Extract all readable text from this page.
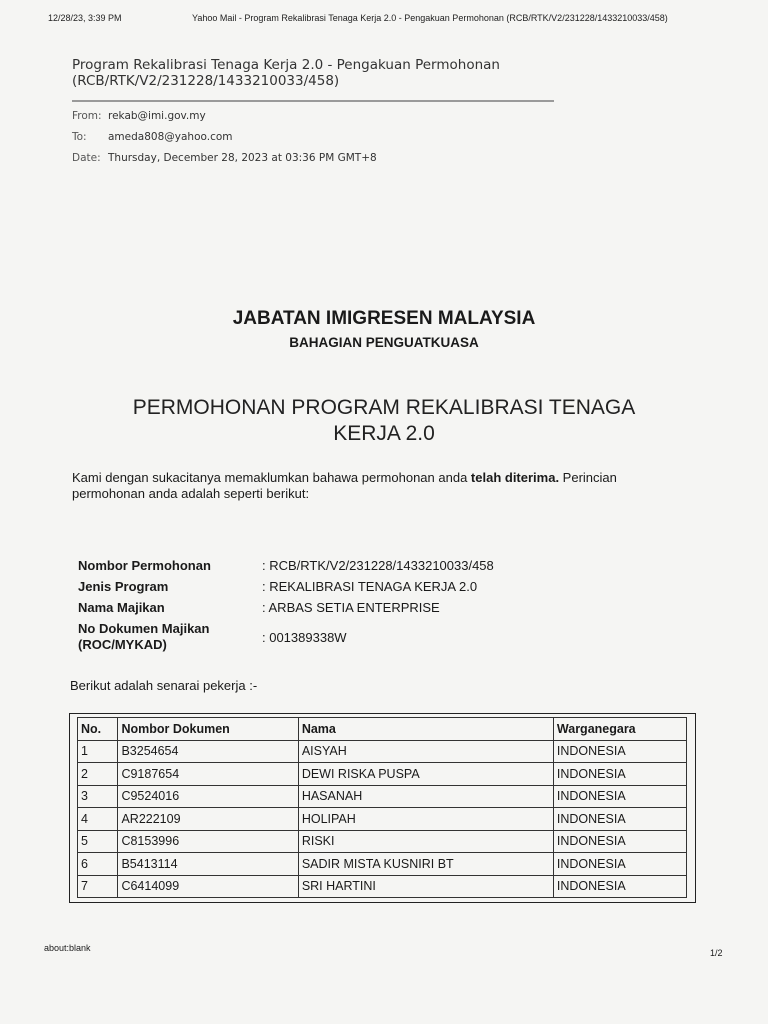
12/28/23, 3:39 PM	Yahoo Mail - Program Rekalibrasi Tenaga Kerja 2.0 - Pengakuan Permohonan (RCB/RTK/V2/231228/1433210033/458)
Program Rekalibrasi Tenaga Kerja 2.0 - Pengakuan Permohonan
(RCB/RTK/V2/231228/1433210033/458)
From: rekab@imi.gov.my
To: ameda808@yahoo.com
Date: Thursday, December 28, 2023 at 03:36 PM GMT+8
JABATAN IMIGRESEN MALAYSIA
BAHAGIAN PENGUATKUASA
PERMOHONAN PROGRAM REKALIBRASI TENAGA
KERJA 2.0
Kami dengan sukacitanya memaklumkan bahawa permohonan anda telah diterima. Perincian permohonan anda adalah seperti berikut:
Nombor Permohonan	: RCB/RTK/V2/231228/1433210033/458
Jenis Program	: REKALIBRASI TENAGA KERJA 2.0
Nama Majikan	: ARBAS SETIA ENTERPRISE
No Dokumen Majikan
(ROC/MYKAD)	: 001389338W
Berikut adalah senarai pekerja :-
No.	Nombor Dokumen	Nama	Warganegara
1	B3254654	AISYAH	INDONESIA
2	C9187654	DEWI RISKA PUSPA	INDONESIA
3	C9524016	HASANAH	INDONESIA
4	AR222109	HOLIPAH	INDONESIA
5	C8153996	RISKI	INDONESIA
6	B5413114	SADIR MISTA KUSNIRI BT	INDONESIA
7	C6414099	SRI HARTINI	INDONESIA
about:blank	1/2
